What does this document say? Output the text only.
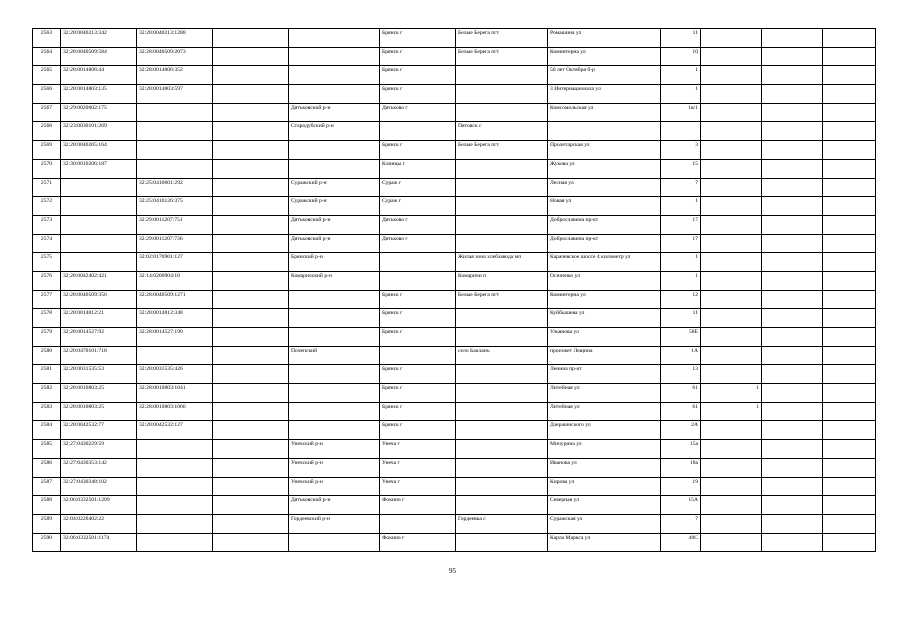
2563	32:28:0040213:342	32:28:0040213:1288			Брянск г	Белые Берега пгт	Ромашина ул	11			
2564	32:28:0040509:584	32:28:0040509:2073			Брянск г	Белые Берега пгт	Коминтерна ул	10			
2565	32:28:0014806:44	32:28:0014806:352			Брянск г		50 лет Октября б-р	1			
2566	32:28:0014803:135	32:28:0014803:597			Брянск г		3 Интернационала ул	1			
2567	32:29:0020602:175			Дятьковский р-н	Дятьково г		Комсомольская ул	1в/1			
2568	32:23:0030101:269			Стародубский р-н		Пятовск с					
2569	32:28:0040205:164				Брянск г	Белые Берега пгт	Пролетарская ул	3			
2570	32:30:0010206:187				Клинцы г		Жукова ул	15			
2571		32:25:0410601:292		Суражский р-н	Сураж г		Лесная ул	7			
2572		32:25:0410126:375		Суражский р-н	Сураж г		Новая ул	1			
2573		32:29:0011207:751		Дятьковский р-н	Дятьково г		Доброславина пр-кт	17			
2574		32:29:0011207:736		Дятьковский р-н	Дятьково г		Доброславина пр-кт	17			
2575		32:02:0176901:127		Брянский р-н		Жилая зона хлебзавода мп	Карачевское шоссе 4 километр ул	1			
2576	32:28:0042402:421	32:14:0200904:10		Комаричский р-н		Комаричи п	Осипенко ул	1			
2577	32:28:0040509:356	32:28:0040509:1271			Брянск г	Белые Берега пгт	Коминтерна ул	12			
2578	32:28:0014812:21	32:28:0014812:348			Брянск г		Куйбышева ул	11			
2579	32:28:0014527:92	32:28:0014527:190			Брянск г		Ульянова ул	58Е			
2580	32:20:0470101:718			Почепский		село Бакланъ	проезжет Лещина	1А			
2581	32:28:0031535:53	32:28:0031535:426			Брянск г		Ленина пр-кт	13			
2582	32:28:0010803:25	32:28:0010803:1041			Брянск г		Литейная ул	61	1		
2583	32:28:0010803:25	32:28:0010803:1066			Брянск г		Литейная ул	61	1		
2584	32:28:0042532:77	32:28:0042532:127			Брянск г		Дзержинского ул	2А			
2585	32:27:0430229:59			Унечский р-н	Унеча г		Мичурина ул	15а			
2586	32:27:0430353:142			Унечский р-н	Унеча г		Иванова ул	18а			
2587	32:27:0430348:102			Унечский р-н	Унеча г		Кирова ул	19			
2588	32:06:0332501:1209			Дятьковский р-н	Фокино г		Северная ул	15А			
2589	32:04:0220402:22			Гордеевский р-н		Гордеевка с	Суражская ул	7			
2590	32:06:0332501:1174				Фокино г		Карла Маркса ул	40С			
95
